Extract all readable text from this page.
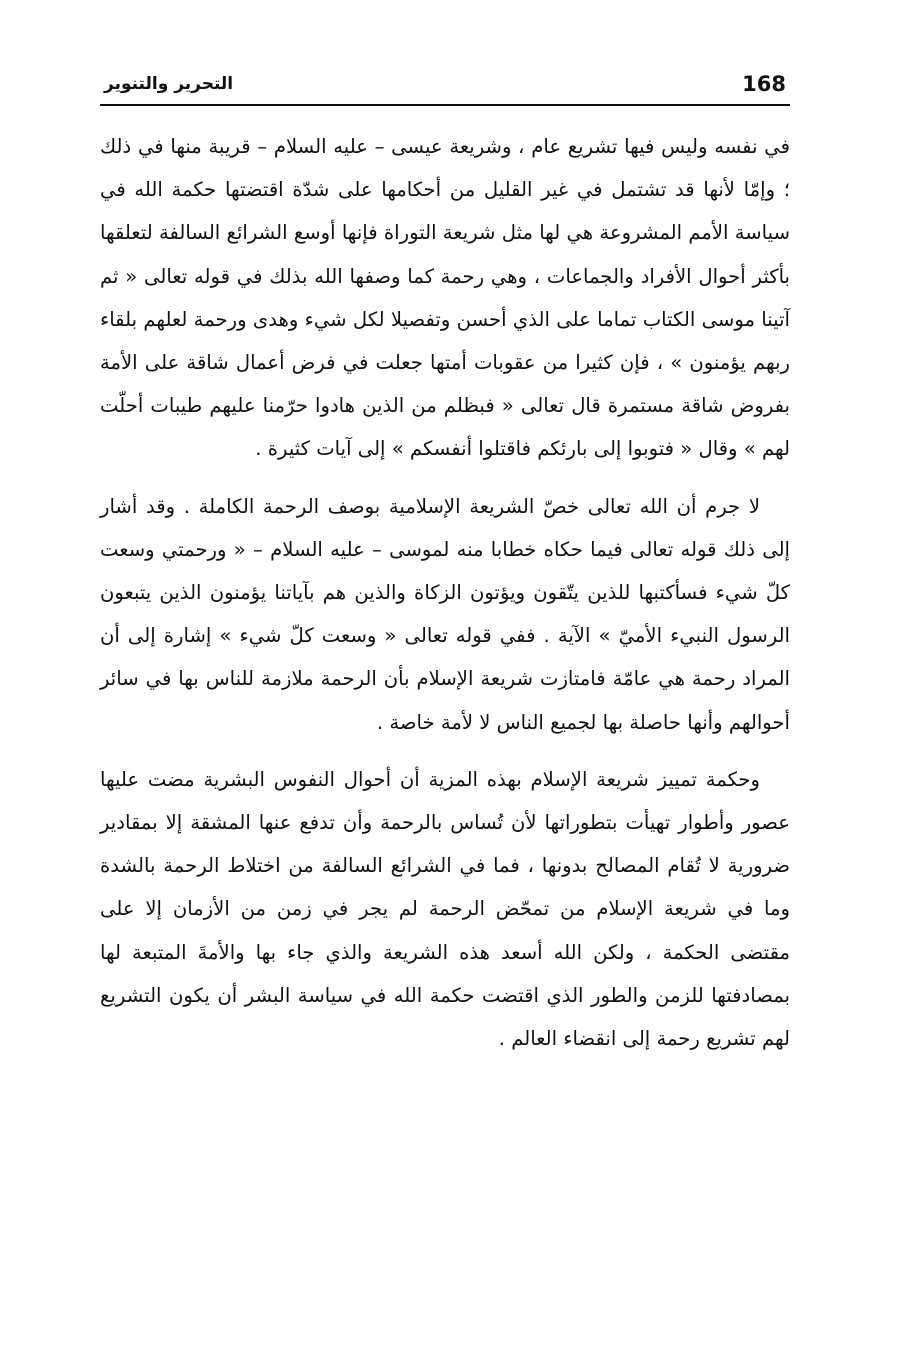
168
التحرير والتنوير

في نفسه وليس فيها تشريع عام ، وشريعة عيسى – عليه السلام – قريبة منها في ذلك ؛ وإمّا لأنها قد تشتمل في غير القليل من أحكامها على شدّة اقتضتها حكمة الله في سياسة الأمم المشروعة هي لها مثل شريعة التوراة فإنها أوسع الشرائع السالفة لتعلقها بأكثر أحوال الأفراد والجماعات ، وهي رحمة كما وصفها الله بذلك في قوله تعالى « ثم آتينا موسى الكتاب تماما على الذي أحسن وتفصيلا لكل شيء وهدى ورحمة لعلهم بلقاء ربهم يؤمنون » ، فإن كثيرا من عقوبات أمتها جعلت في فرض أعمال شاقة على الأمة بفروض شاقة مستمرة قال تعالى « فبظلم من الذين هادوا حرّمنا عليهم طيبات أحلّت لهم » وقال « فتوبوا إلى بارئكم فاقتلوا أنفسكم » إلى آيات كثيرة .

لا جرم أن الله تعالى خصّ الشريعة الإسلامية بوصف الرحمة الكاملة . وقد أشار إلى ذلك قوله تعالى فيما حكاه خطابا منه لموسى – عليه السلام – « ورحمتي وسعت كلّ شيء فسأكتبها للذين يتّقون ويؤتون الزكاة والذين هم بآياتنا يؤمنون الذين يتبعون الرسول النبيء الأميّ » الآية . ففي قوله تعالى « وسعت كلّ شيء » إشارة إلى أن المراد رحمة هي عامّة فامتازت شريعة الإسلام بأن الرحمة ملازمة للناس بها في سائر أحوالهم وأنها حاصلة بها لجميع الناس لا لأمة خاصة .

وحكمة تمييز شريعة الإسلام بهذه المزية أن أحوال النفوس البشرية مضت عليها عصور وأطوار تهيأت بتطوراتها لأن تُساس بالرحمة وأن تدفع عنها المشقة إلا بمقادير ضرورية لا تُقام المصالح بدونها ، فما في الشرائع السالفة من اختلاط الرحمة بالشدة وما في شريعة الإسلام من تمحّض الرحمة لم يجر في زمن من الأزمان إلا على مقتضى الحكمة ، ولكن الله أسعد هذه الشريعة والذي جاء بها والأمةَ المتبعة لها بمصادفتها للزمن والطور الذي اقتضت حكمة الله في سياسة البشر أن يكون التشريع لهم تشريع رحمة إلى انقضاء العالم .
